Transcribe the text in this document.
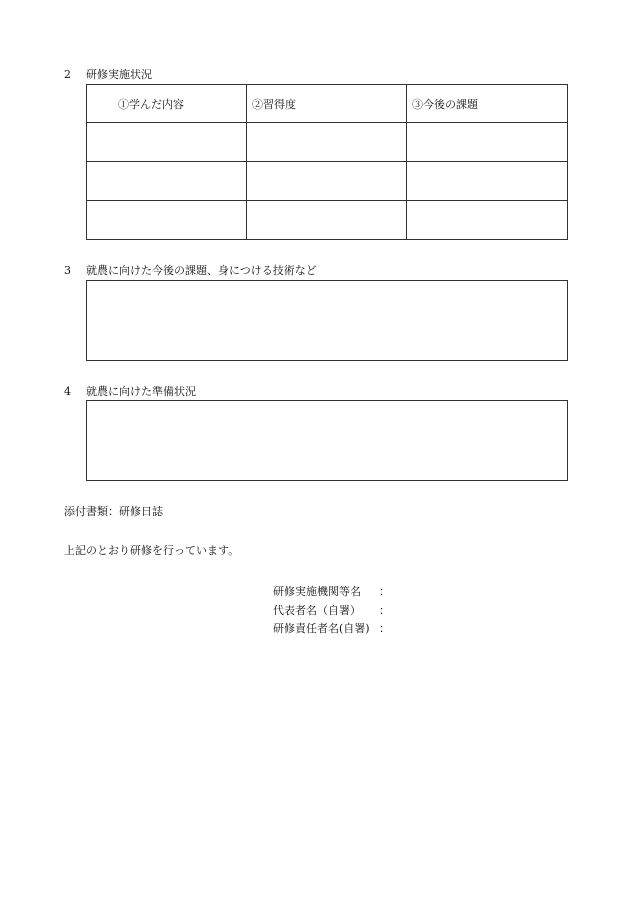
2 研修実施状況
①学んだ内容	②習得度	③今後の課題

3 就農に向けた今後の課題、身につける技術など
4 就農に向けた準備状況
添付書類：研修日誌
上記のとおり研修を行っています。
研修実施機関等名 ：
代表者名（自署） ：
研修責任者名(自署) ：
